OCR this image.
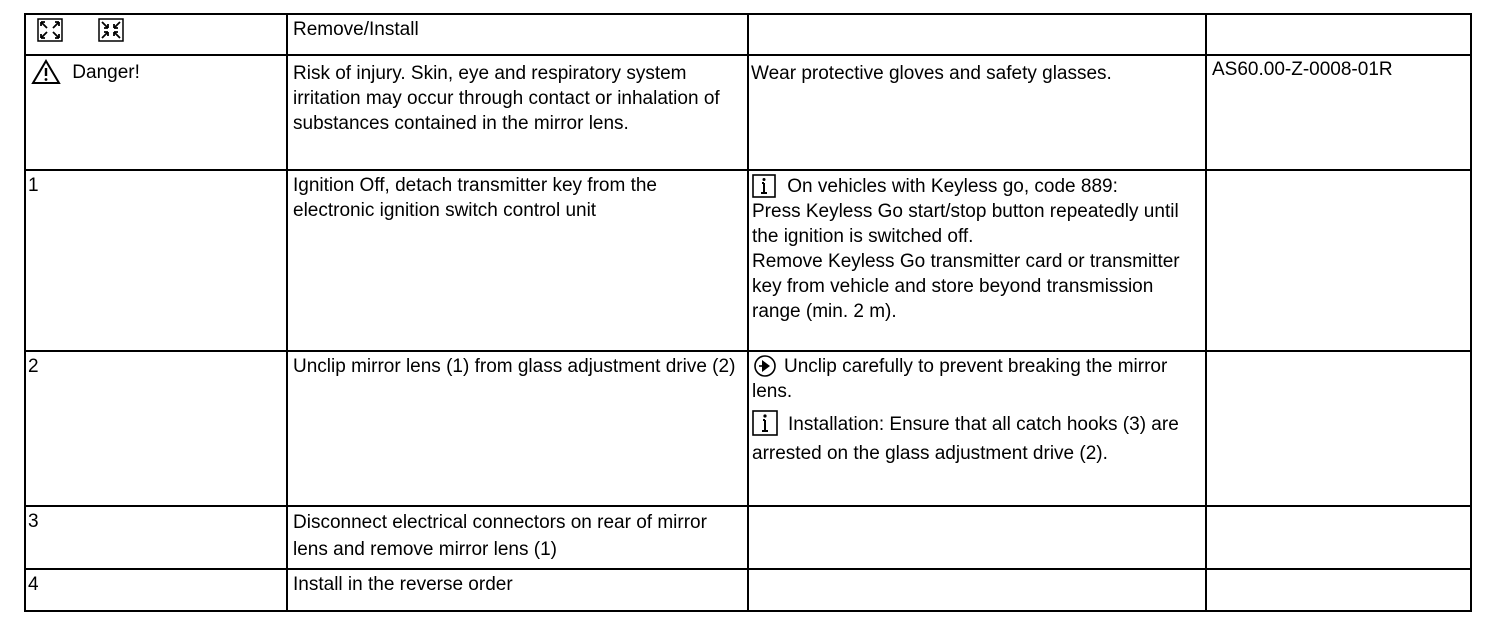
	Remove/Install		
Danger!	Risk of injury. Skin, eye and respiratory system irritation may occur through contact or inhalation of substances contained in the mirror lens.	Wear protective gloves and safety glasses.	AS60.00-Z-0008-01R
1	Ignition Off, detach transmitter key from the electronic ignition switch control unit	On vehicles with Keyless go, code 889:
Press Keyless Go start/stop button repeatedly until the ignition is switched off.
Remove Keyless Go transmitter card or transmitter key from vehicle and store beyond transmission range (min. 2 m).	

2	Unclip mirror lens (1) from glass adjustment drive (2)	Unclip carefully to prevent breaking the mirror lens.
Installation: Ensure that all catch hooks (3) are arrested on the glass adjustment drive (2).	

3	Disconnect electrical connectors on rear of mirror lens and remove mirror lens (1)		
4	Install in the reverse order		
